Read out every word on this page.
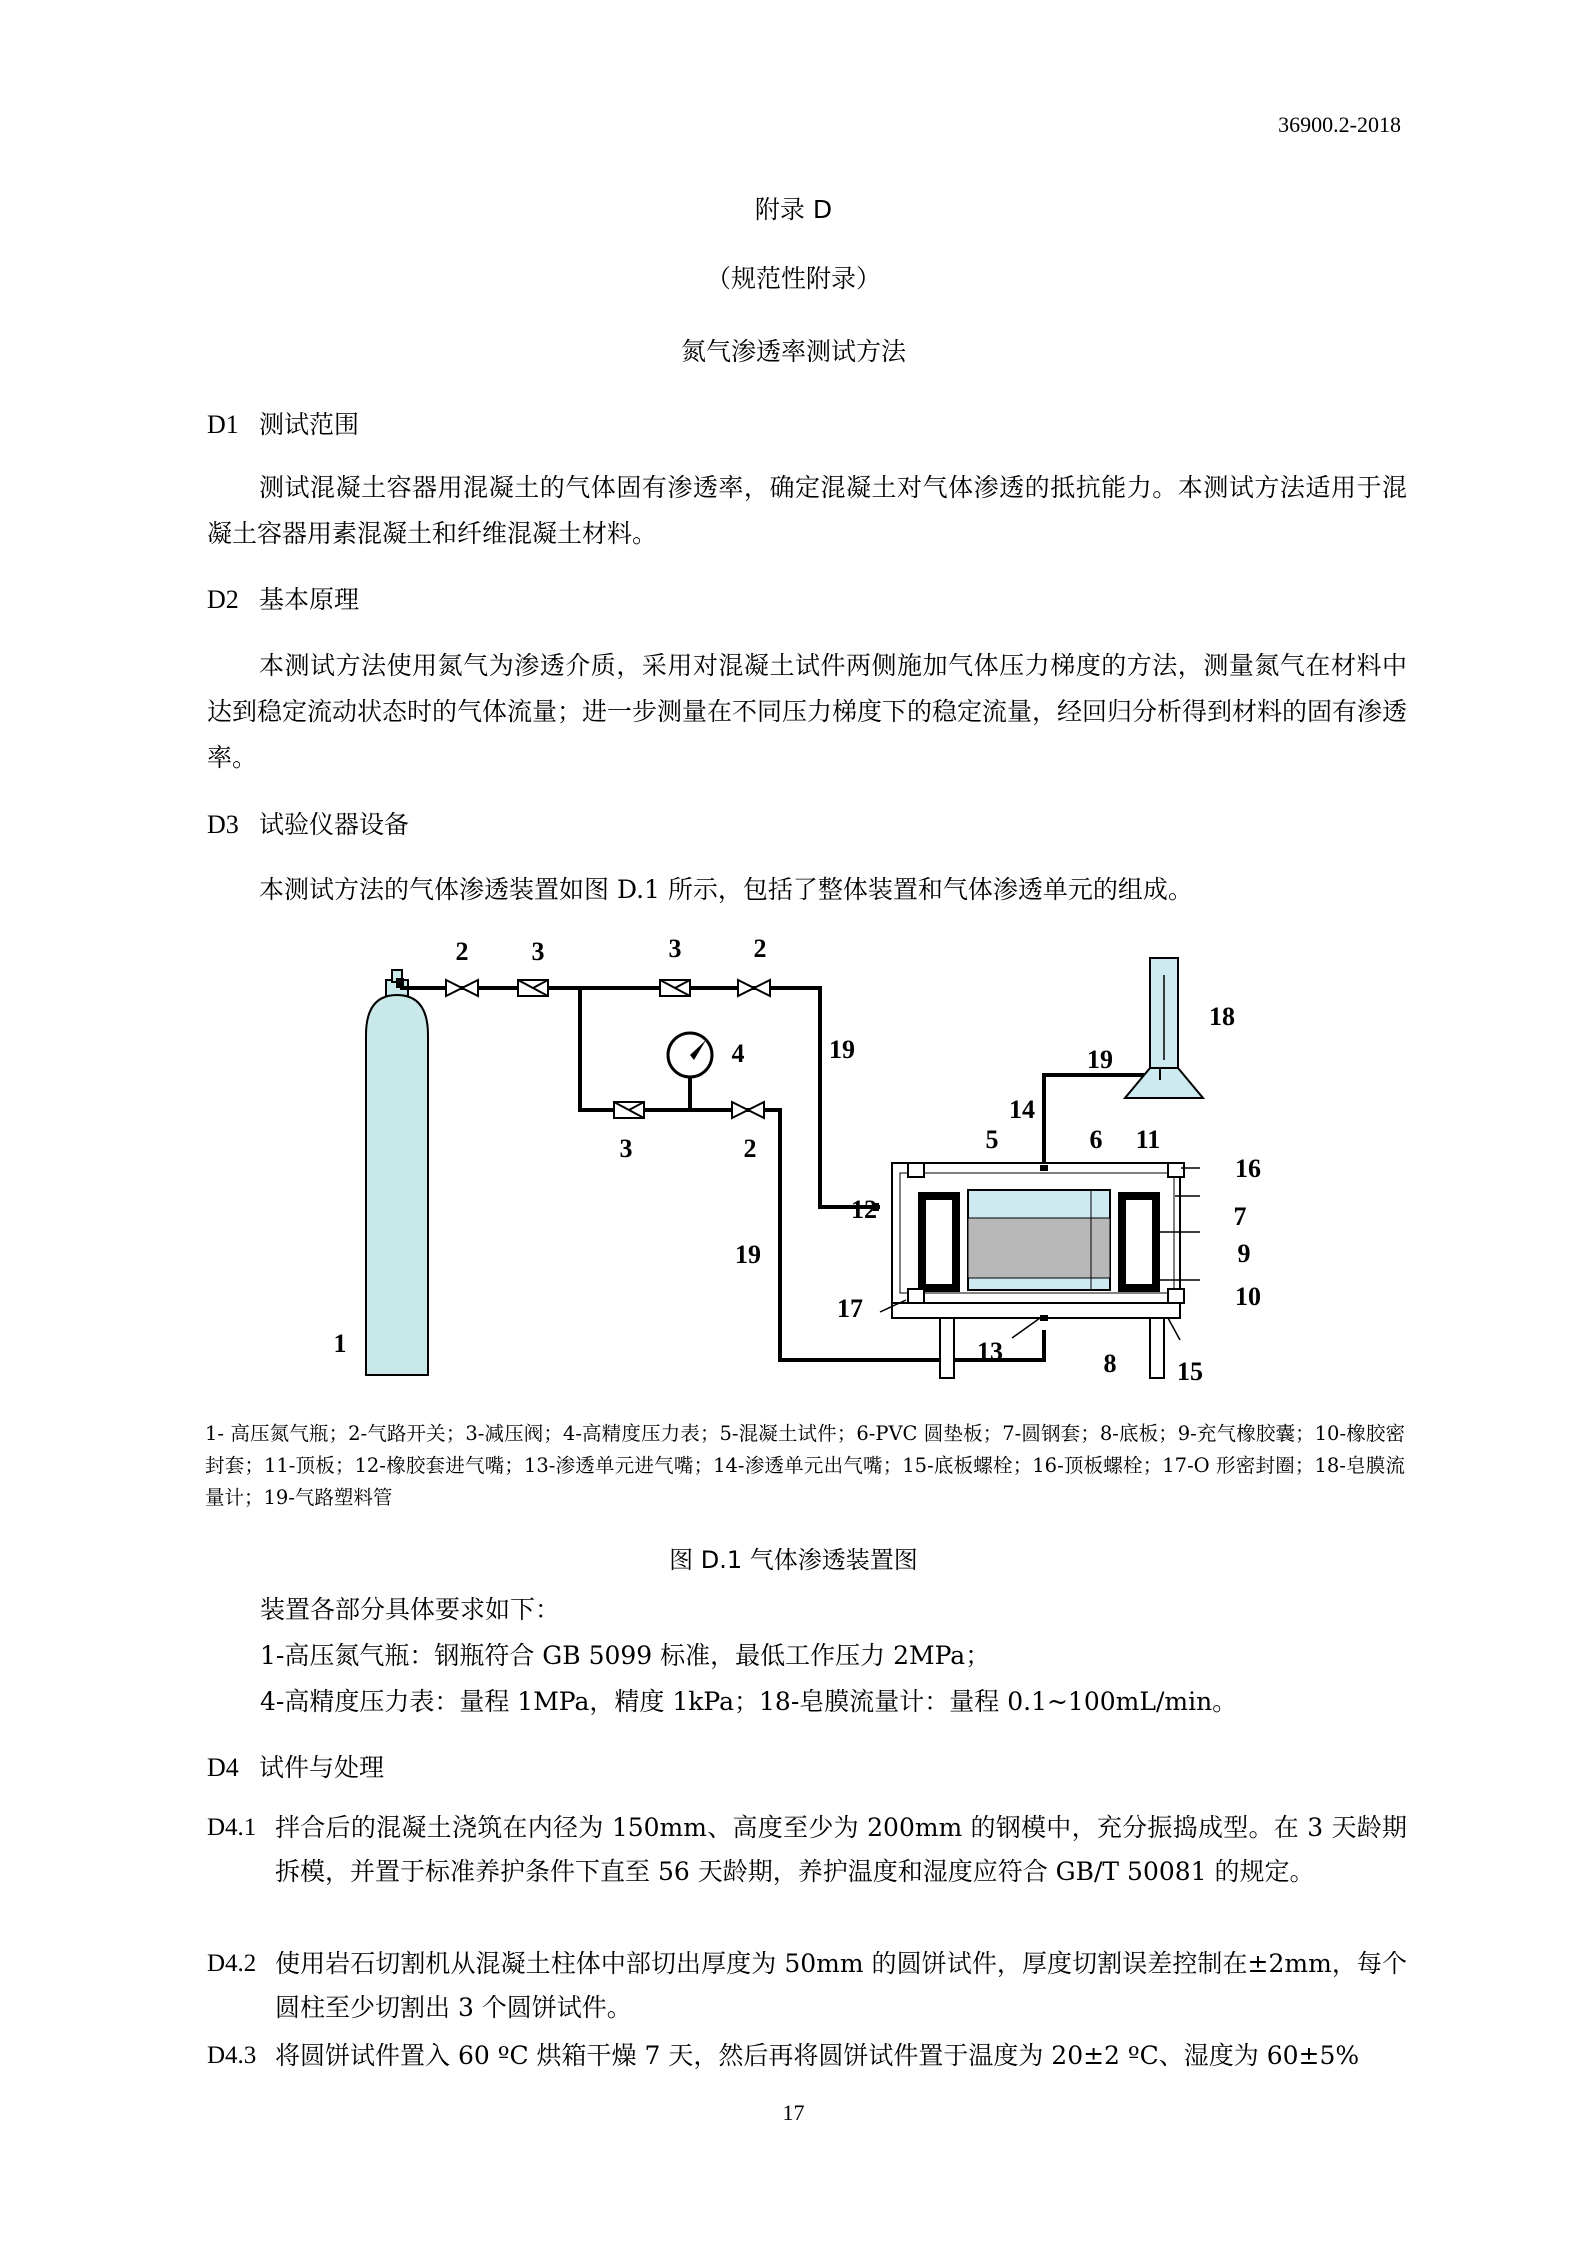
36900.2-2018
附录 D
（规范性附录）
氮气渗透率测试方法
D1 测试范围
测试混凝土容器用混凝土的气体固有渗透率，确定混凝土对气体渗透的抵抗能力。本测试方法适用于混凝土容器用素混凝土和纤维混凝土材料。
D2 基本原理
本测试方法使用氮气为渗透介质，采用对混凝土试件两侧施加气体压力梯度的方法，测量氮气在材料中达到稳定流动状态时的气体流量；进一步测量在不同压力梯度下的稳定流量，经回归分析得到材料的固有渗透率。
D3 试验仪器设备
本测试方法的气体渗透装置如图 D.1 所示，包括了整体装置和气体渗透单元的组成。
2 3	3	2
4
3	2
19	19
19
18
14
5	6 11
16
7
9
10
12
17
13	8 15
1
1- 高压氮气瓶；2-气路开关；3-减压阀；4-高精度压力表；5-混凝土试件；6-PVC 圆垫板；7-圆钢套；8-底板；9-充气橡胶囊；10-橡胶密封套；11-顶板；12-橡胶套进气嘴；13-渗透单元进气嘴；14-渗透单元出气嘴；15-底板螺栓；16-顶板螺栓；17-O 形密封圈；18-皂膜流量计；19-气路塑料管
图 D.1 气体渗透装置图
装置各部分具体要求如下：
1-高压氮气瓶：钢瓶符合 GB 5099 标准，最低工作压力 2MPa；
4-高精度压力表：量程 1MPa，精度 1kPa；18-皂膜流量计：量程 0.1~100mL/min。
D4 试件与处理
D4.1 拌合后的混凝土浇筑在内径为 150mm、高度至少为 200mm 的钢模中，充分振捣成型。在 3 天龄期拆模，并置于标准养护条件下直至 56 天龄期，养护温度和湿度应符合 GB/T 50081 的规定。
D4.2 使用岩石切割机从混凝土柱体中部切出厚度为 50mm 的圆饼试件，厚度切割误差控制在±2mm，每个圆柱至少切割出 3 个圆饼试件。
D4.3 将圆饼试件置入 60 ºC 烘箱干燥 7 天，然后再将圆饼试件置于温度为 20±2 ºC、湿度为 60±5%
17
